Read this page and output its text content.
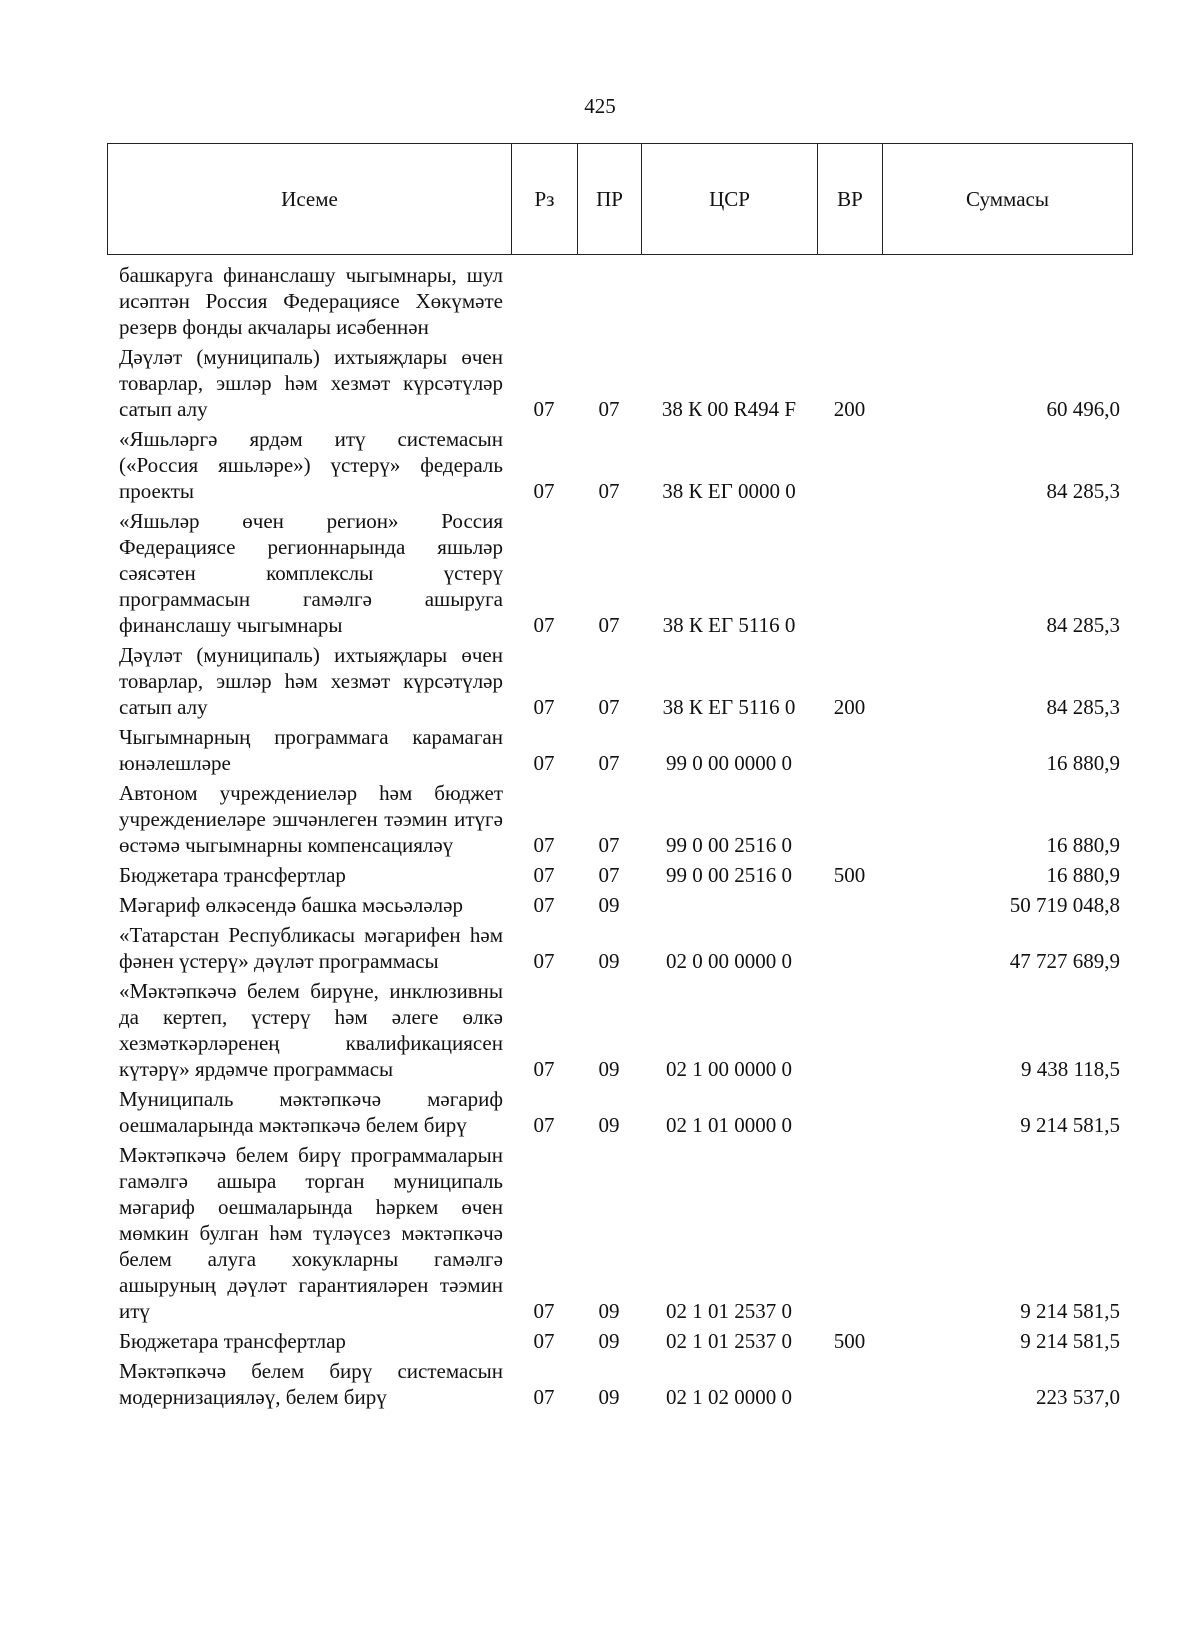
425
Исеме	Рз	ПР	ЦСР	ВР	Суммасы
башкаруга финанслашу чыгымнары, шул исәптән Россия Федерациясе Хөкүмәте резерв фонды акчалары исәбеннән					
Дәүләт (муниципаль) ихтыяҗлары өчен товарлар, эшләр һәм хезмәт күрсәтүләр сатып алу	07	07	38 К 00 R494 F	200	60 496,0
«Яшьләргә ярдәм итү системасын («Россия яшьләре») үстерү» федераль проекты	07	07	38 К ЕГ 0000 0		84 285,3
«Яшьләр өчен регион» Россия Федерациясе регионнарында яшьләр сәясәтен комплекслы үстерү программасын гамәлгә ашыруга финанслашу чыгымнары	07	07	38 К ЕГ 5116 0		84 285,3
Дәүләт (муниципаль) ихтыяҗлары өчен товарлар, эшләр һәм хезмәт күрсәтүләр сатып алу	07	07	38 К ЕГ 5116 0	200	84 285,3
Чыгымнарның программага карамаган юнәлешләре	07	07	99 0 00 0000 0		16 880,9
Автоном учреждениеләр һәм бюджет учреждениеләре эшчәнлеген тәэмин итүгә өстәмә чыгымнарны компенсацияләү	07	07	99 0 00 2516 0		16 880,9
Бюджетара трансфертлар	07	07	99 0 00 2516 0	500	16 880,9
Мәгариф өлкәсендә башка мәсьәләләр	07	09			50 719 048,8
«Татарстан Республикасы мәгарифен һәм фәнен үстерү» дәүләт программасы	07	09	02 0 00 0000 0		47 727 689,9
«Мәктәпкәчә белем бирүне, инклюзивны да кертеп, үстерү һәм әлеге өлкә хезмәткәрләренең квалификациясен күтәрү» ярдәмче программасы	07	09	02 1 00 0000 0		9 438 118,5
Муниципаль мәктәпкәчә мәгариф оешмаларында мәктәпкәчә белем бирү	07	09	02 1 01 0000 0		9 214 581,5
Мәктәпкәчә белем бирү программаларын гамәлгә ашыра торган муниципаль мәгариф оешмаларында һәркем өчен мөмкин булган һәм түләүсез мәктәпкәчә белем алуга хокукларны гамәлгә ашыруның дәүләт гарантияләрен тәэмин итү	07	09	02 1 01 2537 0		9 214 581,5
Бюджетара трансфертлар	07	09	02 1 01 2537 0	500	9 214 581,5
Мәктәпкәчә белем бирү системасын модернизацияләү, белем бирү	07	09	02 1 02 0000 0		223 537,0
